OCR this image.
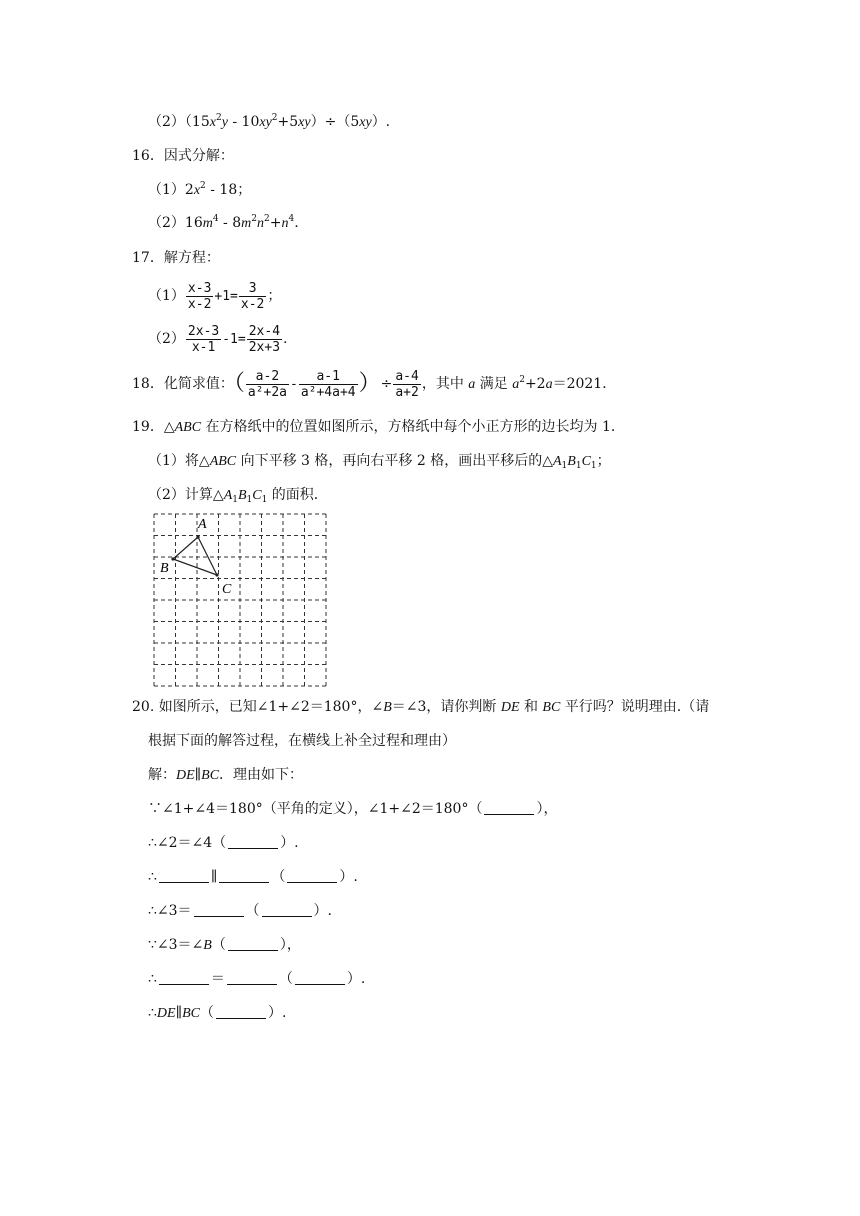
$(2)(15x^2y - 10xy^2+5xy)\div(5xy)$.
16．因式分解：
$(1)2x^2 - 18$；
$(2)16m^4 - 8m^2n^2+n^4$.
17．解方程：
$(1) \frac{x-3}{x-2} +1= \frac{3}{x-2}$ ；
$(2) \frac{2x-3}{x-1} -1= \frac{2x-4}{2x+3}$ .
18．化简求值：（ $\frac{a-2}{\text{a²+2a}} - \frac{a-1}{\text{a²+4a+4}}$ ）÷ $\frac{a-4}{a+2}$ ，其中 a 满足 $a^2+2a=2021$．
19．△ABC 在方格纸中的位置如图所示，方格纸中每个小正方形的边长均为 1．
（1）将△ABC 向下平移 3 格，再向右平移 2 格，画出平移后的$\triangle A_1B_1C_1$；
（2）计算$\triangle A_1B_1C_1$ 的面积．
A
B
C
20. 如图所示，已知∠1+∠2＝180°，∠B＝∠3，请你判断 DE 和 BC 平行吗？说明理由.（请
根据下面的解答过程，在横线上补全过程和理由）
解：DE∥BC．理由如下：
∵∠1+∠4＝180°（平角的定义），∠1+∠2＝180°（	），
∴∠2＝∠4（	）.
∴	∥	（	）.
∴∠3＝	（	）.
∵∠3＝∠B（	），
∴	＝	（	）.
∴DE∥BC（	）.
